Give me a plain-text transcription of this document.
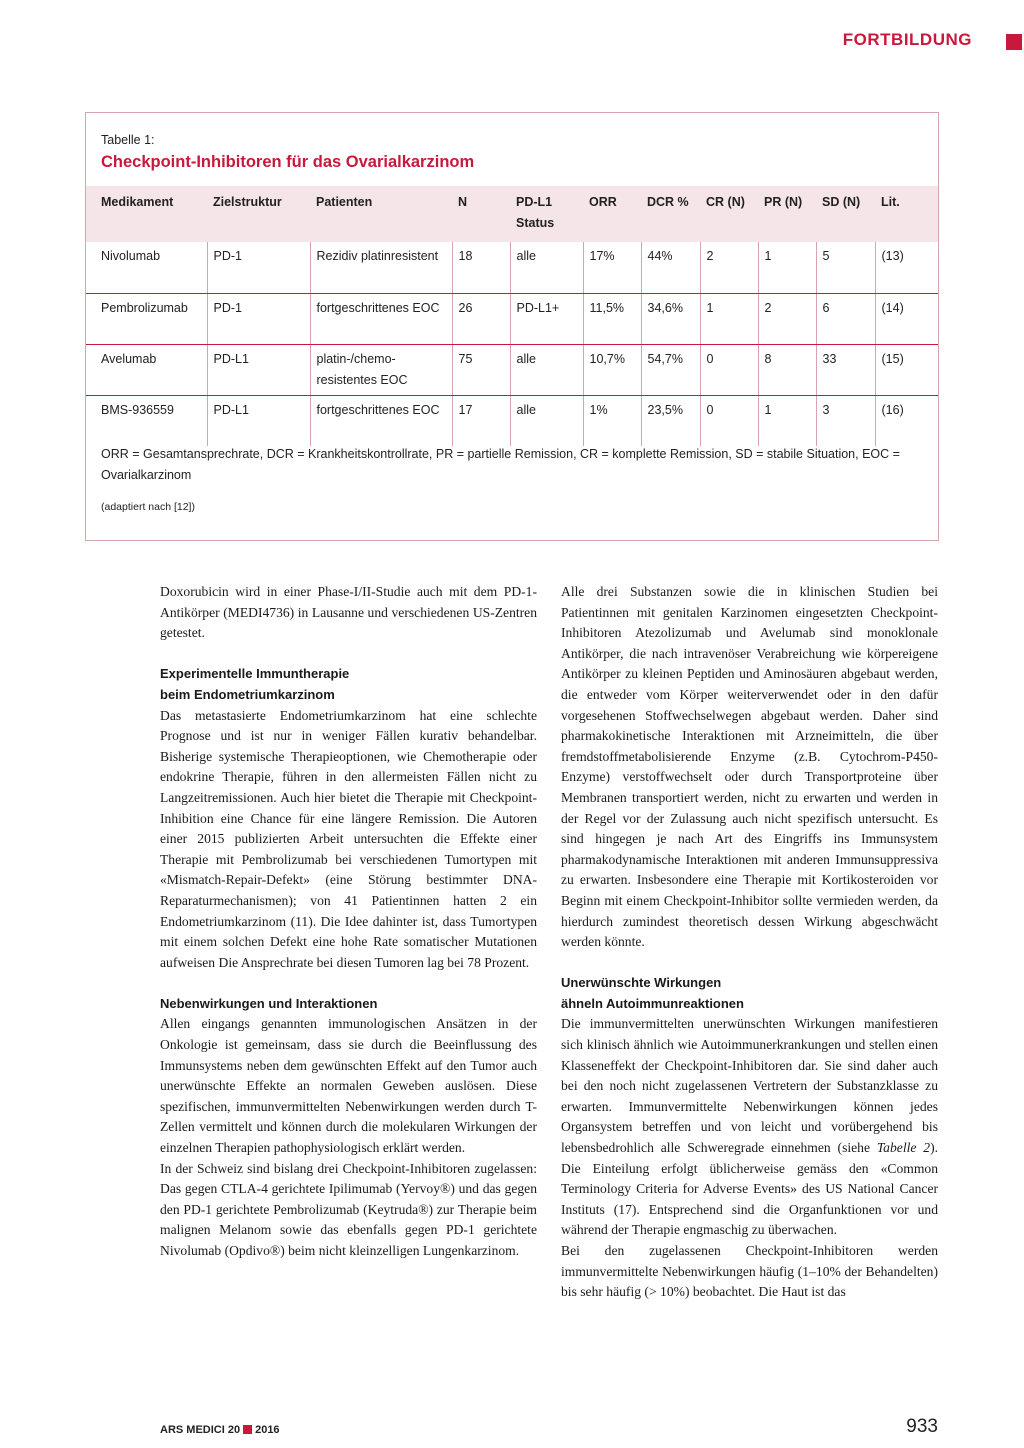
FORTBILDUNG
Tabelle 1:
Checkpoint-Inhibitoren für das Ovarialkarzinom
Medikament	Zielstruktur	Patienten	N	PD-L1 Status	ORR	DCR %	CR (N)	PR (N)	SD (N)	Lit.
Nivolumab	PD-1	Rezidiv platinresistent	18	alle	17%	44%	2	1	5	(13)
Pembrolizumab	PD-1	fortgeschrittenes EOC	26	PD-L1+	11,5%	34,6%	1	2	6	(14)
Avelumab	PD-L1	platin-/chemo-resistentes EOC	75	alle	10,7%	54,7%	0	8	33	(15)
BMS-936559	PD-L1	fortgeschrittenes EOC	17	alle	1%	23,5%	0	1	3	(16)
ORR = Gesamtansprechrate, DCR = Krankheitskontrollrate, PR = partielle Remission, CR = komplette Remission, SD = stabile Situation, EOC = Ovarialkarzinom
(adaptiert nach [12])

Doxorubicin wird in einer Phase-I/II-Studie auch mit dem PD-1-Antikörper (MEDI4736) in Lausanne und verschiedenen US-Zentren getestet.

Experimentelle Immuntherapie
beim Endometriumkarzinom

Das metastasierte Endometriumkarzinom hat eine schlechte Prognose und ist nur in weniger Fällen kurativ behandelbar. Bisherige systemische Therapieoptionen, wie Chemotherapie oder endokrine Therapie, führen in den allermeisten Fällen nicht zu Langzeitremissionen. Auch hier bietet die Therapie mit Checkpoint-Inhibition eine Chance für eine längere Remission. Die Autoren einer 2015 publizierten Arbeit untersuchten die Effekte einer Therapie mit Pembrolizumab bei verschiedenen Tumortypen mit «Mismatch-Repair-Defekt» (eine Störung bestimmter DNA-Reparaturmechanismen); von 41 Patientinnen hatten 2 ein Endometriumkarzinom (11). Die Idee dahinter ist, dass Tumortypen mit einem solchen Defekt eine hohe Rate somatischer Mutationen aufweisen Die Ansprechrate bei diesen Tumoren lag bei 78 Prozent.

Nebenwirkungen und Interaktionen

Allen eingangs genannten immunologischen Ansätzen in der Onkologie ist gemeinsam, dass sie durch die Beeinflussung des Immunsystems neben dem gewünschten Effekt auf den Tumor auch unerwünschte Effekte an normalen Geweben auslösen. Diese spezifischen, immunvermittelten Nebenwirkungen werden durch T-Zellen vermittelt und können durch die molekularen Wirkungen der einzelnen Therapien pathophysiologisch erklärt werden.

In der Schweiz sind bislang drei Checkpoint-Inhibitoren zugelassen: Das gegen CTLA-4 gerichtete Ipilimumab (Yervoy®) und das gegen den PD-1 gerichtete Pembrolizumab (Keytruda®) zur Therapie beim malignen Melanom sowie das ebenfalls gegen PD-1 gerichtete Nivolumab (Opdivo®) beim nicht kleinzelligen Lungenkarzinom.

Alle drei Substanzen sowie die in klinischen Studien bei Patientinnen mit genitalen Karzinomen eingesetzten Checkpoint-Inhibitoren Atezolizumab und Avelumab sind monoklonale Antikörper, die nach intravenöser Verabreichung wie körpereigene Antikörper zu kleinen Peptiden und Aminosäuren abgebaut werden, die entweder vom Körper weiterverwendet oder in den dafür vorgesehenen Stoffwechselwegen abgebaut werden. Daher sind pharmakokinetische Interaktionen mit Arzneimitteln, die über fremdstoffmetabolisierende Enzyme (z.B. Cytochrom-P450-Enzyme) verstoffwechselt oder durch Transportproteine über Membranen transportiert werden, nicht zu erwarten und werden in der Regel vor der Zulassung auch nicht spezifisch untersucht. Es sind hingegen je nach Art des Eingriffs ins Immunsystem pharmakodynamische Interaktionen mit anderen Immunsuppressiva zu erwarten. Insbesondere eine Therapie mit Kortikosteroiden vor Beginn mit einem Checkpoint-Inhibitor sollte vermieden werden, da hierdurch zumindest theoretisch dessen Wirkung abgeschwächt werden könnte.

Unerwünschte Wirkungen
ähneln Autoimmunreaktionen

Die immunvermittelten unerwünschten Wirkungen manifestieren sich klinisch ähnlich wie Autoimmunerkrankungen und stellen einen Klasseneffekt der Checkpoint-Inhibitoren dar. Sie sind daher auch bei den noch nicht zugelassenen Vertretern der Substanzklasse zu erwarten. Immunvermittelte Nebenwirkungen können jedes Organsystem betreffen und von leicht und vorübergehend bis lebensbedrohlich alle Schweregrade einnehmen (siehe Tabelle 2). Die Einteilung erfolgt üblicherweise gemäss den «Common Terminology Criteria for Adverse Events» des US National Cancer Instituts (17). Entsprechend sind die Organfunktionen vor und während der Therapie engmaschig zu überwachen.

Bei den zugelassenen Checkpoint-Inhibitoren werden immunvermittelte Nebenwirkungen häufig (1–10% der Behandelten) bis sehr häufig (> 10%) beobachtet. Die Haut ist das

ARS MEDICI 20 2016	933
